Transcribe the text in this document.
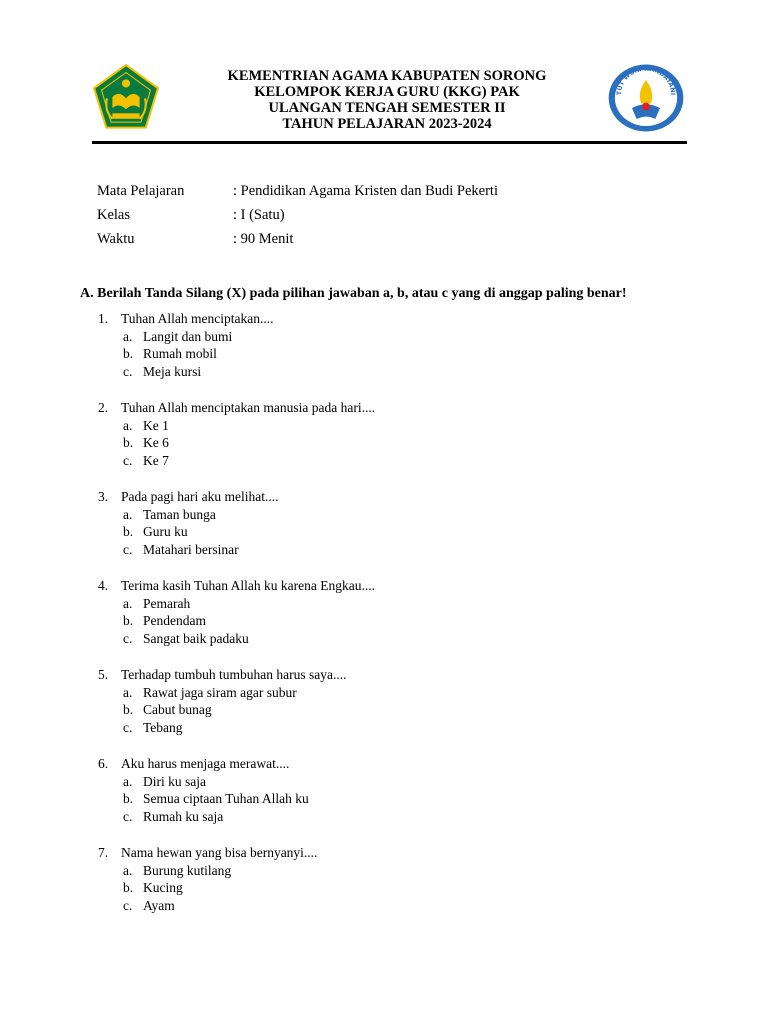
TUT WURI HANDAYANI
KEMENTRIAN AGAMA KABUPATEN SORONG
KELOMPOK KERJA GURU (KKG) PAK
ULANGAN TENGAH SEMESTER II
TAHUN PELAJARAN 2023-2024
Mata Pelajaran	: Pendidikan Agama Kristen dan Budi Pekerti
Kelas	: I (Satu)
Waktu	: 90 Menit
A. Berilah Tanda Silang (X) pada pilihan jawaban a, b, atau c yang di anggap paling benar!
1. Tuhan Allah menciptakan....
a. Langit dan bumi
b. Rumah mobil
c. Meja kursi
2. Tuhan Allah menciptakan manusia pada hari....
a. Ke 1
b. Ke 6
c. Ke 7
3. Pada pagi hari aku melihat....
a. Taman bunga
b. Guru ku
c. Matahari bersinar
4. Terima kasih Tuhan Allah ku karena Engkau....
a. Pemarah
b. Pendendam
c. Sangat baik padaku
5. Terhadap tumbuh tumbuhan harus saya....
a. Rawat jaga siram agar subur
b. Cabut bunag
c. Tebang
6. Aku harus menjaga merawat....
a. Diri ku saja
b. Semua ciptaan Tuhan Allah ku
c. Rumah ku saja
7. Nama hewan yang bisa bernyanyi....
a. Burung kutilang
b. Kucing
c. Ayam
